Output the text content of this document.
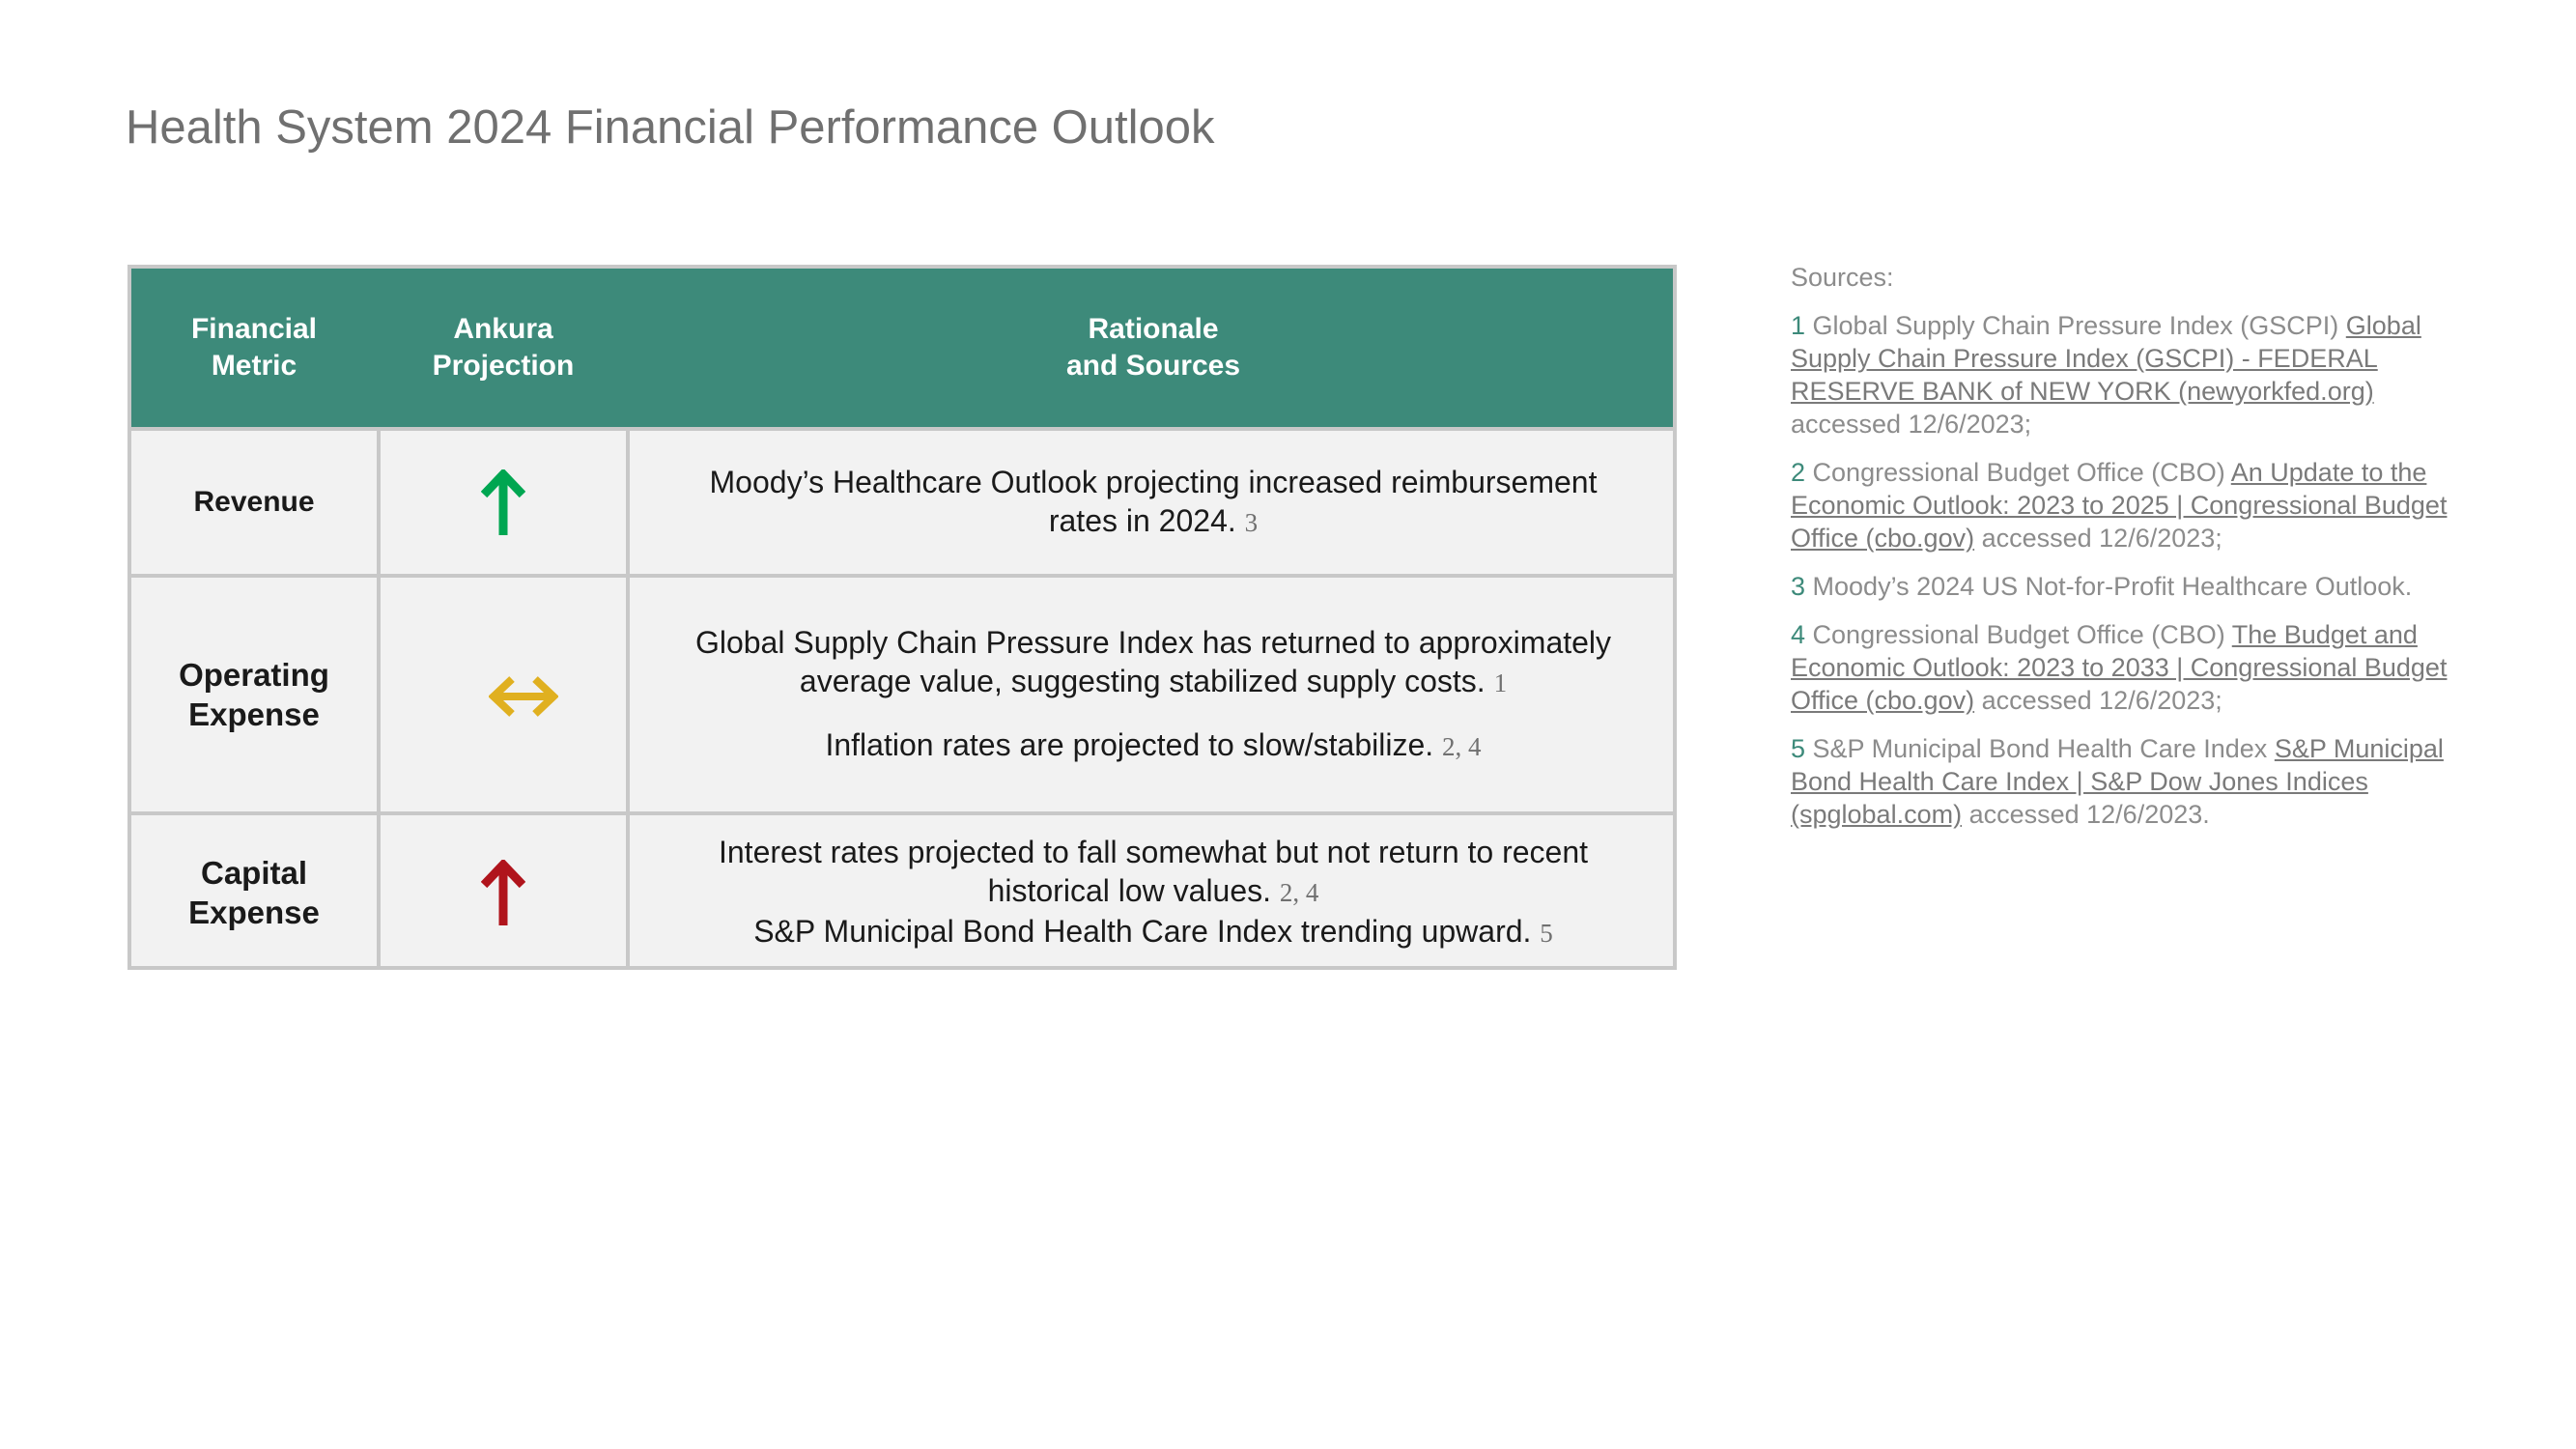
Health System 2024 Financial Performance Outlook
Financial
Metric
Ankura
Projection
Rationale
and Sources
Revenue
Moody’s Healthcare Outlook projecting increased reimbursement
rates in 2024. 3
Operating
Expense
Global Supply Chain Pressure Index has returned to approximately
average value, suggesting stabilized supply costs. 1
Inflation rates are projected to slow/stabilize. 2, 4
Capital
Expense
Interest rates projected to fall somewhat but not return to recent
historical low values. 2, 4
S&P Municipal Bond Health Care Index trending upward. 5
Sources:
1 Global Supply Chain Pressure Index (GSCPI) Global Supply Chain Pressure Index (GSCPI) - FEDERAL RESERVE BANK of NEW YORK (newyorkfed.org) accessed 12/6/2023;
2 Congressional Budget Office (CBO) An Update to the Economic Outlook: 2023 to 2025 | Congressional Budget Office (cbo.gov) accessed 12/6/2023;
3 Moody’s 2024 US Not-for-Profit Healthcare Outlook.
4 Congressional Budget Office (CBO) The Budget and Economic Outlook: 2023 to 2033 | Congressional Budget Office (cbo.gov) accessed 12/6/2023;
5 S&P Municipal Bond Health Care Index S&P Municipal Bond Health Care Index | S&P Dow Jones Indices (spglobal.com) accessed 12/6/2023.
